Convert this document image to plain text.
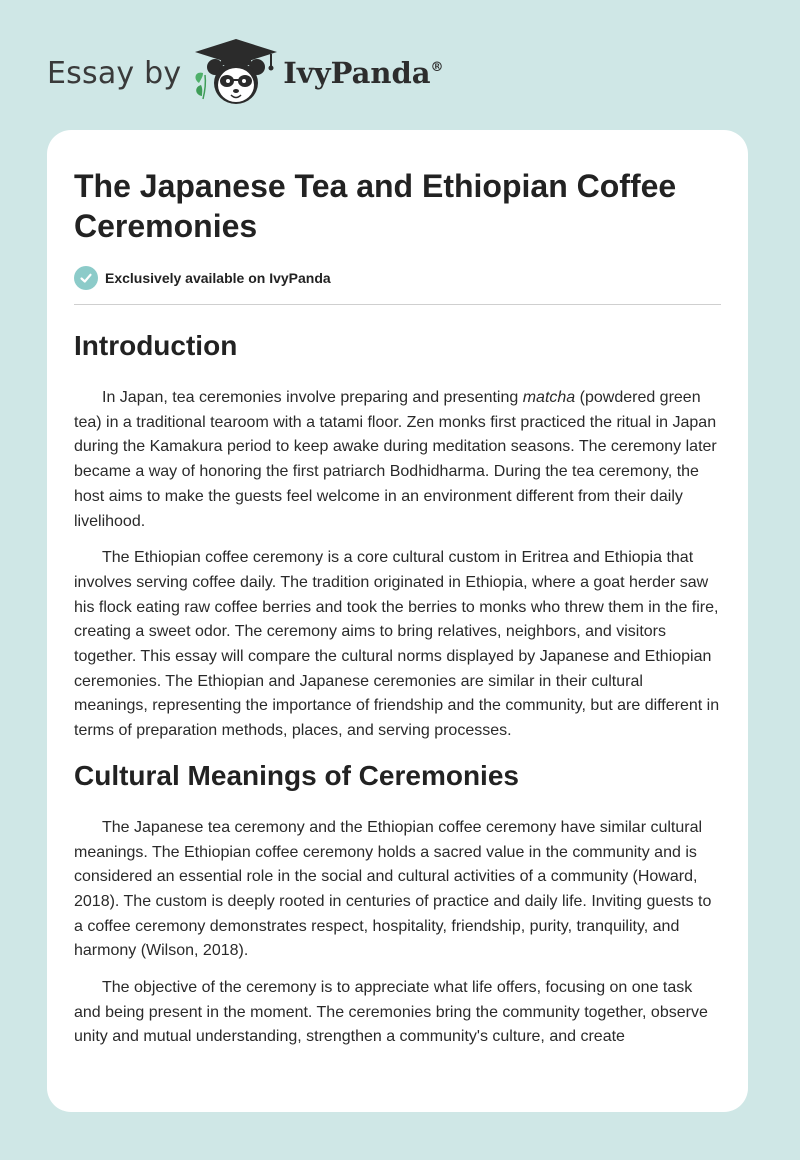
Essay by	IvyPanda®
The Japanese Tea and Ethiopian Coffee Ceremonies
Exclusively available on IvyPanda
Introduction

In Japan, tea ceremonies involve preparing and presenting matcha (powdered green tea) in a traditional tearoom with a tatami floor. Zen monks first practiced the ritual in Japan during the Kamakura period to keep awake during meditation seasons. The ceremony later became a way of honoring the first patriarch Bodhidharma. During the tea ceremony, the host aims to make the guests feel welcome in an environment different from their daily livelihood.

The Ethiopian coffee ceremony is a core cultural custom in Eritrea and Ethiopia that involves serving coffee daily. The tradition originated in Ethiopia, where a goat herder saw his flock eating raw coffee berries and took the berries to monks who threw them in the fire, creating a sweet odor. The ceremony aims to bring relatives, neighbors, and visitors together. This essay will compare the cultural norms displayed by Japanese and Ethiopian ceremonies. The Ethiopian and Japanese ceremonies are similar in their cultural meanings, representing the importance of friendship and the community, but are different in terms of preparation methods, places, and serving processes.

Cultural Meanings of Ceremonies

The Japanese tea ceremony and the Ethiopian coffee ceremony have similar cultural meanings. The Ethiopian coffee ceremony holds a sacred value in the community and is considered an essential role in the social and cultural activities of a community (Howard, 2018). The custom is deeply rooted in centuries of practice and daily life. Inviting guests to a coffee ceremony demonstrates respect, hospitality, friendship, purity, tranquility, and harmony (Wilson, 2018).

The objective of the ceremony is to appreciate what life offers, focusing on one task and being present in the moment. The ceremonies bring the community together, observe unity and mutual understanding, strengthen a community's culture, and create
